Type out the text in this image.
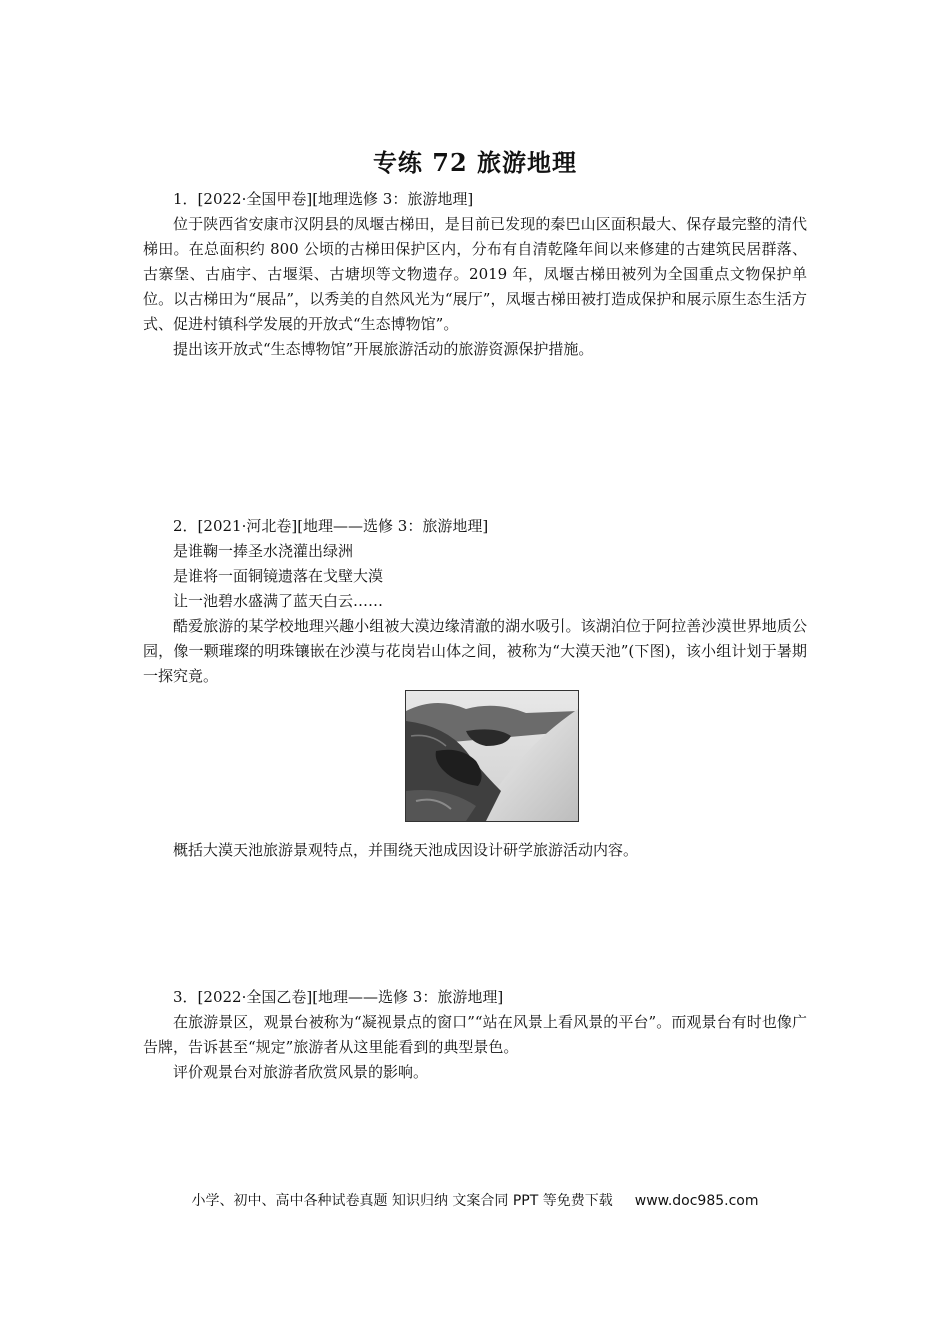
专练 72 旅游地理

1．[2022·全国甲卷][地理选修 3：旅游地理]

位于陕西省安康市汉阴县的凤堰古梯田，是目前已发现的秦巴山区面积最大、保存最完整的清代梯田。在总面积约 800 公顷的古梯田保护区内，分布有自清乾隆年间以来修建的古建筑民居群落、古寨堡、古庙宇、古堰渠、古塘坝等文物遗存。2019 年，凤堰古梯田被列为全国重点文物保护单位。以古梯田为“展品”，以秀美的自然风光为“展厅”，凤堰古梯田被打造成保护和展示原生态生活方式、促进村镇科学发展的开放式“生态博物馆”。

提出该开放式“生态博物馆”开展旅游活动的旅游资源保护措施。

2．[2021·河北卷][地理——选修 3：旅游地理]

是谁鞠一捧圣水浇灌出绿洲

是谁将一面铜镜遗落在戈壁大漠

让一池碧水盛满了蓝天白云……

酷爱旅游的某学校地理兴趣小组被大漠边缘清澈的湖水吸引。该湖泊位于阿拉善沙漠世界地质公园，像一颗璀璨的明珠镶嵌在沙漠与花岗岩山体之间，被称为“大漠天池”(下图)，该小组计划于暑期一探究竟。

概括大漠天池旅游景观特点，并围绕天池成因设计研学旅游活动内容。

3．[2022·全国乙卷][地理——选修 3：旅游地理]

在旅游景区，观景台被称为“凝视景点的窗口”“站在风景上看风景的平台”。而观景台有时也像广告牌，告诉甚至“规定”旅游者从这里能看到的典型景色。

评价观景台对旅游者欣赏风景的影响。

小学、初中、高中各种试卷真题 知识归纳 文案合同 PPT 等免费下载 www.doc985.com
